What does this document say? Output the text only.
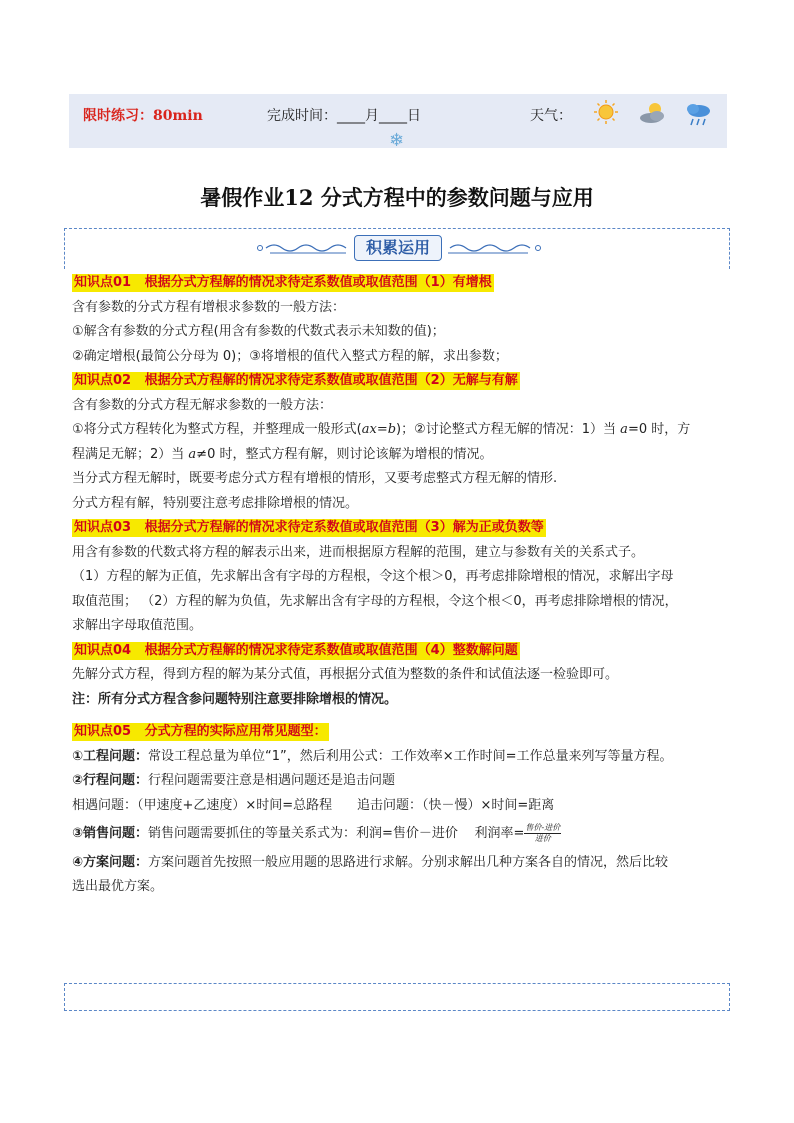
限时练习：80min	完成时间：____月____日	天气：
❄
暑假作业12 分式方程中的参数问题与应用
积累运用
知识点01 根据分式方程解的情况求待定系数值或取值范围（1）有增根
含有参数的分式方程有增根求参数的一般方法：
①解含有参数的分式方程(用含有参数的代数式表示未知数的值)；
②确定增根(最简公分母为 0)；③将增根的值代入整式方程的解，求出参数；
知识点02 根据分式方程解的情况求待定系数值或取值范围（2）无解与有解
含有参数的分式方程无解求参数的一般方法：
①将分式方程转化为整式方程，并整理成一般形式(ax=b)；②讨论整式方程无解的情况：1）当 a=0 时，方
程满足无解；2）当 a≠0 时，整式方程有解，则讨论该解为增根的情况。
当分式方程无解时，既要考虑分式方程有增根的情形，又要考虑整式方程无解的情形.
分式方程有解，特别要注意考虑排除增根的情况。
知识点03 根据分式方程解的情况求待定系数值或取值范围（3）解为正或负数等
用含有参数的代数式将方程的解表示出来，进而根据原方程解的范围，建立与参数有关的关系式子。
（1）方程的解为正值，先求解出含有字母的方程根，令这个根＞0，再考虑排除增根的情况，求解出字母
取值范围； （2）方程的解为负值，先求解出含有字母的方程根，令这个根＜0，再考虑排除增根的情况，
求解出字母取值范围。
知识点04 根据分式方程解的情况求待定系数值或取值范围（4）整数解问题
先解分式方程，得到方程的解为某分式值，再根据分式值为整数的条件和试值法逐一检验即可。
注：所有分式方程含参问题特别注意要排除增根的情况。
知识点05 分式方程的实际应用常见题型：
①工程问题：常设工程总量为单位“1”，然后利用公式：工作效率×工作时间=工作总量来列写等量方程。
②行程问题：行程问题需要注意是相遇问题还是追击问题
相遇问题：（甲速度+乙速度）×时间=总路程      追击问题：（快－慢）×时间=距离
③销售问题：销售问题需要抓住的等量关系式为：利润=售价－进价    利润率= $\frac{\text{售价-进价}}{\text{进价}}$
④方案问题：方案问题首先按照一般应用题的思路进行求解。分别求解出几种方案各自的情况，然后比较
选出最优方案。
